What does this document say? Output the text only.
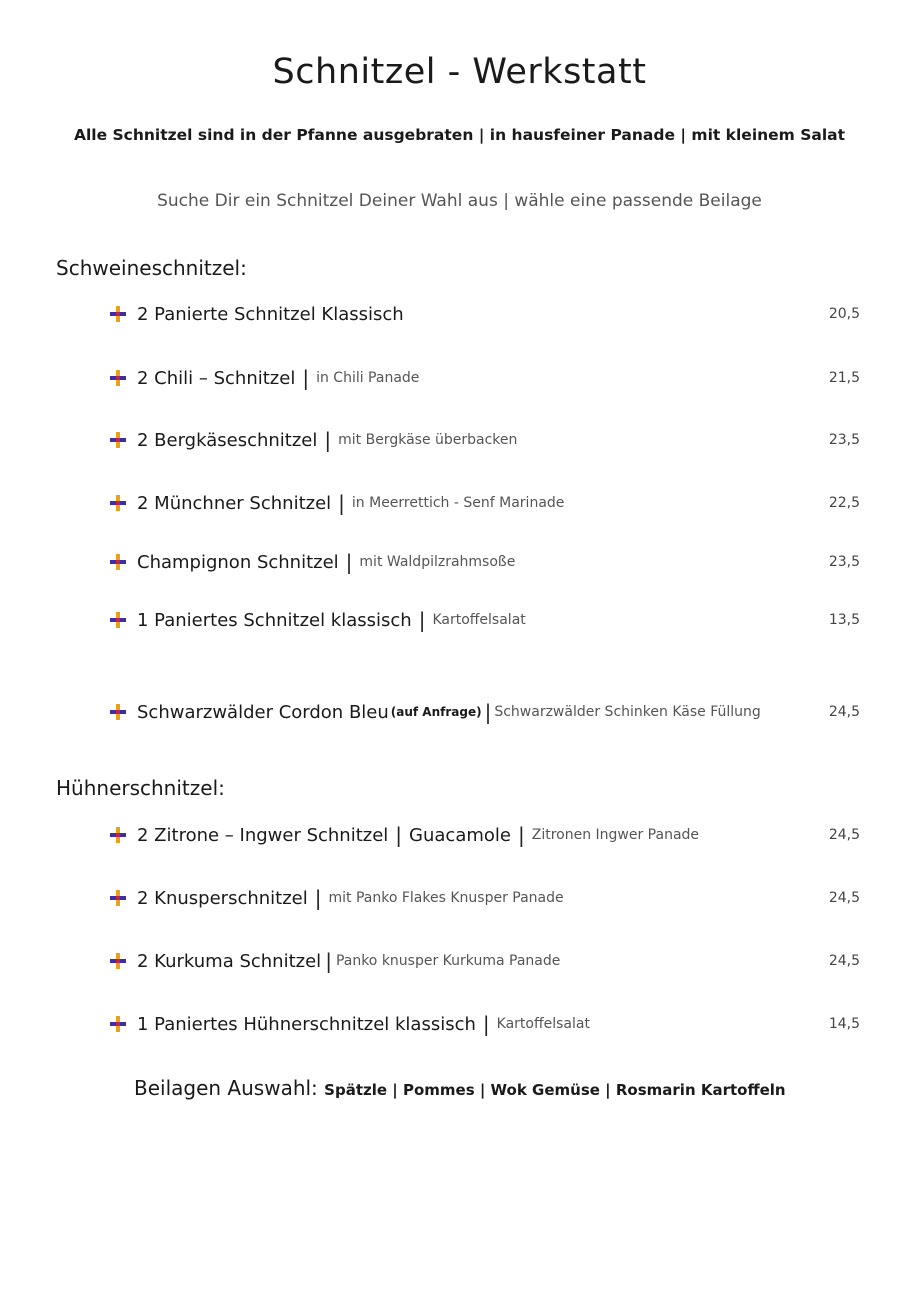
Schnitzel - Werkstatt
Alle Schnitzel sind in der Pfanne ausgebraten | in hausfeiner Panade | mit kleinem Salat
Suche Dir ein Schnitzel Deiner Wahl aus | wähle eine passende Beilage
Schweineschnitzel:
2 Panierte Schnitzel Klassisch	20,5
2 Chili – Schnitzel | in Chili Panade	21,5
2 Bergkäseschnitzel | mit Bergkäse überbacken	23,5
2 Münchner Schnitzel | in Meerrettich - Senf Marinade	22,5
Champignon Schnitzel | mit Waldpilzrahmsoße	23,5
1 Paniertes Schnitzel klassisch | Kartoffelsalat	13,5
Schwarzwälder Cordon Bleu (auf Anfrage) | Schwarzwälder Schinken Käse Füllung	24,5
Hühnerschnitzel:
2 Zitrone – Ingwer Schnitzel | Guacamole | Zitronen Ingwer Panade	24,5
2 Knusperschnitzel | mit Panko Flakes Knusper Panade	24,5
2 Kurkuma Schnitzel | Panko knusper Kurkuma Panade	24,5
1 Paniertes Hühnerschnitzel klassisch | Kartoffelsalat	14,5
Beilagen Auswahl: Spätzle | Pommes | Wok Gemüse | Rosmarin Kartoffeln
